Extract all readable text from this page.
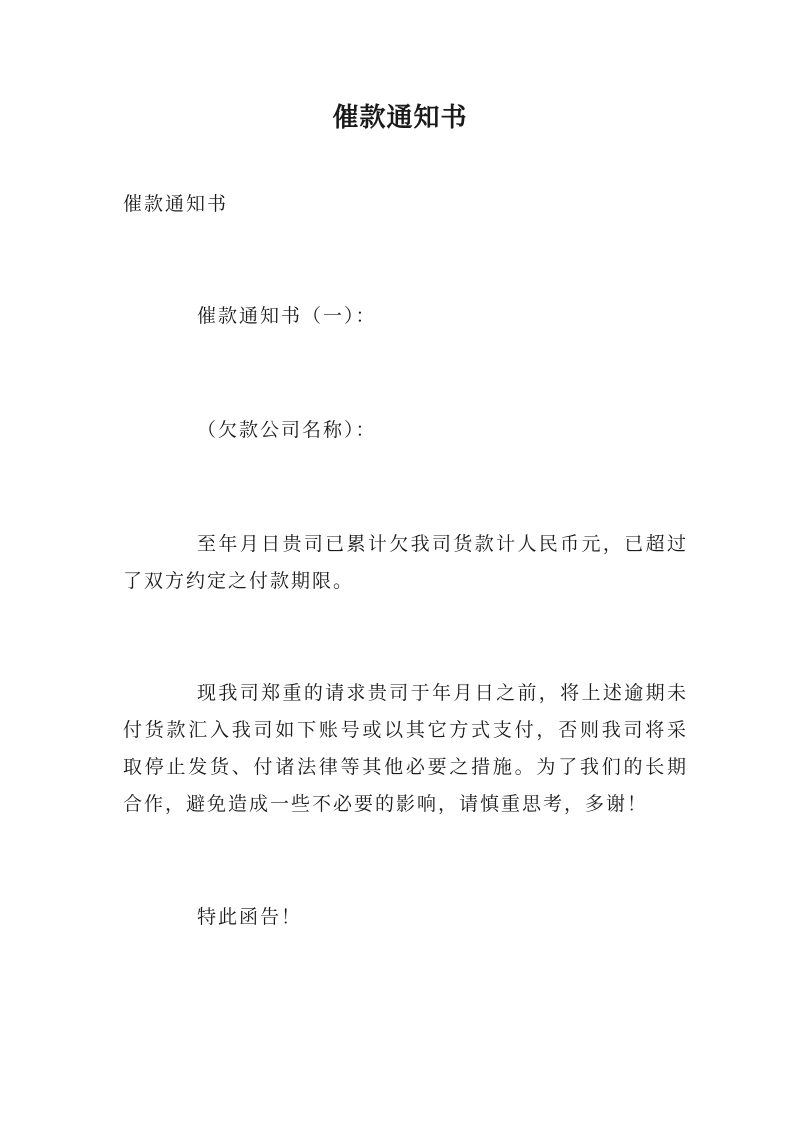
催款通知书

催款通知书

催款通知书（一）：

（欠款公司名称）：

至年月日贵司已累计欠我司货款计人民币元，已超过了双方约定之付款期限。

现我司郑重的请求贵司于年月日之前，将上述逾期未付货款汇入我司如下账号或以其它方式支付，否则我司将采取停止发货、付诸法律等其他必要之措施。为了我们的长期合作，避免造成一些不必要的影响，请慎重思考，多谢！

特此函告！
